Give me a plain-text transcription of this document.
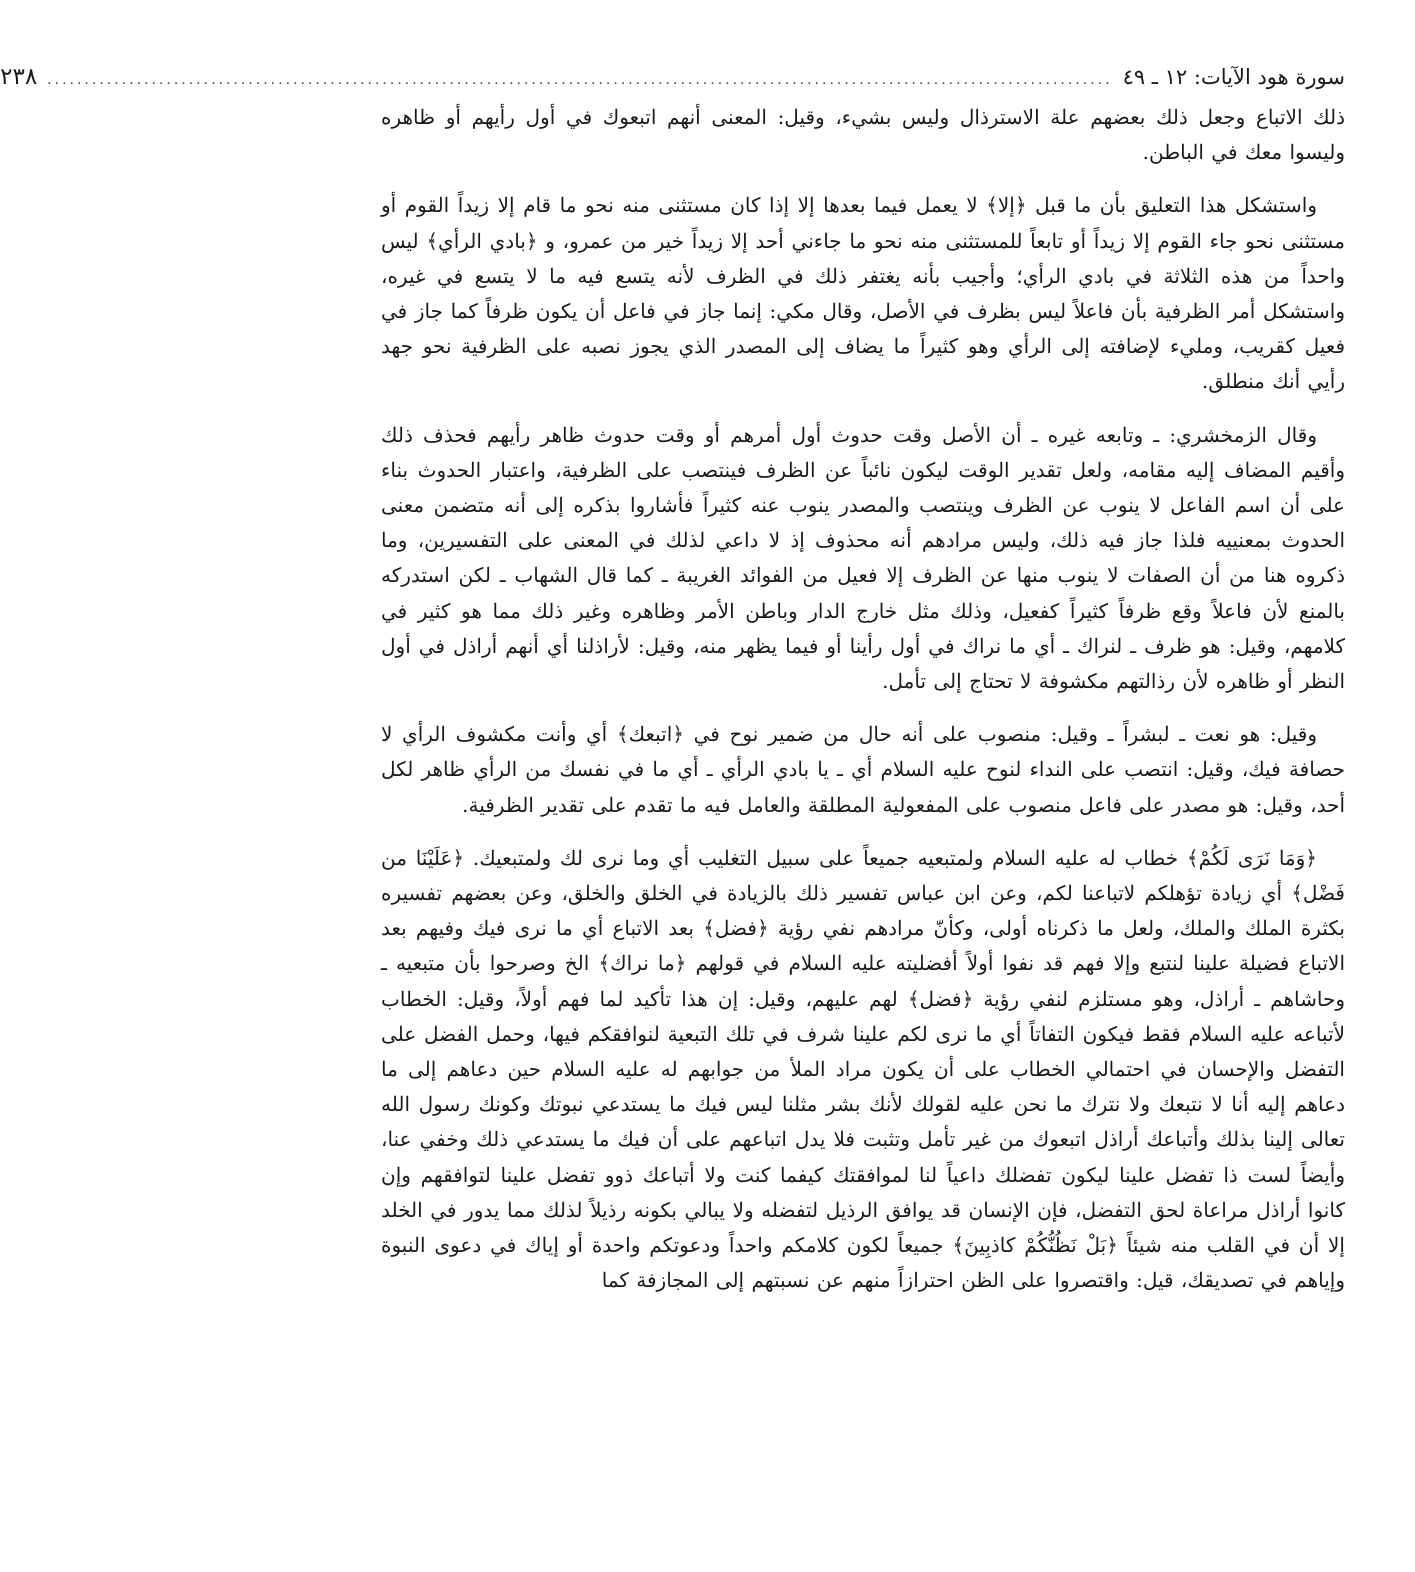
سورة هود الآيات: ١٢ ـ ٤٩
...............................................................................................................................................
٢٣٨

ذلك الاتباع وجعل ذلك بعضهم علة الاسترذال وليس بشيء، وقيل: المعنى أنهم اتبعوك في أول رأيهم أو ظاهره وليسوا معك في الباطن.

واستشكل هذا التعليق بأن ما قبل ﴿إلا﴾ لا يعمل فيما بعدها إلا إذا كان مستثنى منه نحو ما قام إلا زيداً القوم أو مستثنى نحو جاء القوم إلا زيداً أو تابعاً للمستثنى منه نحو ما جاءني أحد إلا زيداً خير من عمرو، و ﴿بادي الرأي﴾ ليس واحداً من هذه الثلاثة في بادي الرأي؛ وأجيب بأنه يغتفر ذلك في الظرف لأنه يتسع فيه ما لا يتسع في غيره، واستشكل أمر الظرفية بأن فاعلاً ليس بظرف في الأصل، وقال مكي: إنما جاز في فاعل أن يكون ظرفاً كما جاز في فعيل كقريب، ومليء لإضافته إلى الرأي وهو كثيراً ما يضاف إلى المصدر الذي يجوز نصبه على الظرفية نحو جهد رأيي أنك منطلق.

وقال الزمخشري: ـ وتابعه غيره ـ أن الأصل وقت حدوث أول أمرهم أو وقت حدوث ظاهر رأيهم فحذف ذلك وأقيم المضاف إليه مقامه، ولعل تقدير الوقت ليكون نائباً عن الظرف فينتصب على الظرفية، واعتبار الحدوث بناء على أن اسم الفاعل لا ينوب عن الظرف وينتصب والمصدر ينوب عنه كثيراً فأشاروا بذكره إلى أنه متضمن معنى الحدوث بمعنييه فلذا جاز فيه ذلك، وليس مرادهم أنه محذوف إذ لا داعي لذلك في المعنى على التفسيرين، وما ذكروه هنا من أن الصفات لا ينوب منها عن الظرف إلا فعيل من الفوائد الغريبة ـ كما قال الشهاب ـ لكن استدركه بالمنع لأن فاعلاً وقع ظرفاً كثيراً كفعيل، وذلك مثل خارج الدار وباطن الأمر وظاهره وغير ذلك مما هو كثير في كلامهم، وقيل: هو ظرف ـ لنراك ـ أي ما نراك في أول رأينا أو فيما يظهر منه، وقيل: لأراذلنا أي أنهم أراذل في أول النظر أو ظاهره لأن رذالتهم مكشوفة لا تحتاج إلى تأمل.

وقيل: هو نعت ـ لبشراً ـ وقيل: منصوب على أنه حال من ضمير نوح في ﴿اتبعك﴾ أي وأنت مكشوف الرأي لا حصافة فيك، وقيل: انتصب على النداء لنوح عليه السلام أي ـ يا بادي الرأي ـ أي ما في نفسك من الرأي ظاهر لكل أحد، وقيل: هو مصدر على فاعل منصوب على المفعولية المطلقة والعامل فيه ما تقدم على تقدير الظرفية.

﴿وَمَا نَرَى لَكُمْ﴾ خطاب له عليه السلام ولمتبعيه جميعاً على سبيل التغليب أي وما نرى لك ولمتبعيك. ﴿عَلَيْنَا من فَضْل﴾ أي زيادة تؤهلكم لاتباعنا لكم، وعن ابن عباس تفسير ذلك بالزيادة في الخلق والخلق، وعن بعضهم تفسيره بكثرة الملك والملك، ولعل ما ذكرناه أولى، وكأنّ مرادهم نفي رؤية ﴿فضل﴾ بعد الاتباع أي ما نرى فيك وفيهم بعد الاتباع فضيلة علينا لنتبع وإلا فهم قد نفوا أولاً أفضليته عليه السلام في قولهم ﴿ما نراك﴾ الخ وصرحوا بأن متبعيه ـ وحاشاهم ـ أراذل، وهو مستلزم لنفي رؤية ﴿فضل﴾ لهم عليهم، وقيل: إن هذا تأكيد لما فهم أولاً، وقيل: الخطاب لأتباعه عليه السلام فقط فيكون التفاتاً أي ما نرى لكم علينا شرف في تلك التبعية لنوافقكم فيها، وحمل الفضل على التفضل والإحسان في احتمالي الخطاب على أن يكون مراد الملأ من جوابهم له عليه السلام حين دعاهم إلى ما دعاهم إليه أنا لا نتبعك ولا نترك ما نحن عليه لقولك لأنك بشر مثلنا ليس فيك ما يستدعي نبوتك وكونك رسول الله تعالى إلينا بذلك وأتباعك أراذل اتبعوك من غير تأمل وتثبت فلا يدل اتباعهم على أن فيك ما يستدعي ذلك وخفي عنا، وأيضاً لست ذا تفضل علينا ليكون تفضلك داعياً لنا لموافقتك كيفما كنت ولا أتباعك ذوو تفضل علينا لتوافقهم وإن كانوا أراذل مراعاة لحق التفضل، فإن الإنسان قد يوافق الرذيل لتفضله ولا يبالي بكونه رذيلاً لذلك مما يدور في الخلد إلا أن في القلب منه شيئاً ﴿بَلْ نَظُنُّكُمْ كاذبِينَ﴾ جميعاً لكون كلامكم واحداً ودعوتكم واحدة أو إياك في دعوى النبوة وإياهم في تصديقك، قيل: واقتصروا على الظن احترازاً منهم عن نسبتهم إلى المجازفة كما
